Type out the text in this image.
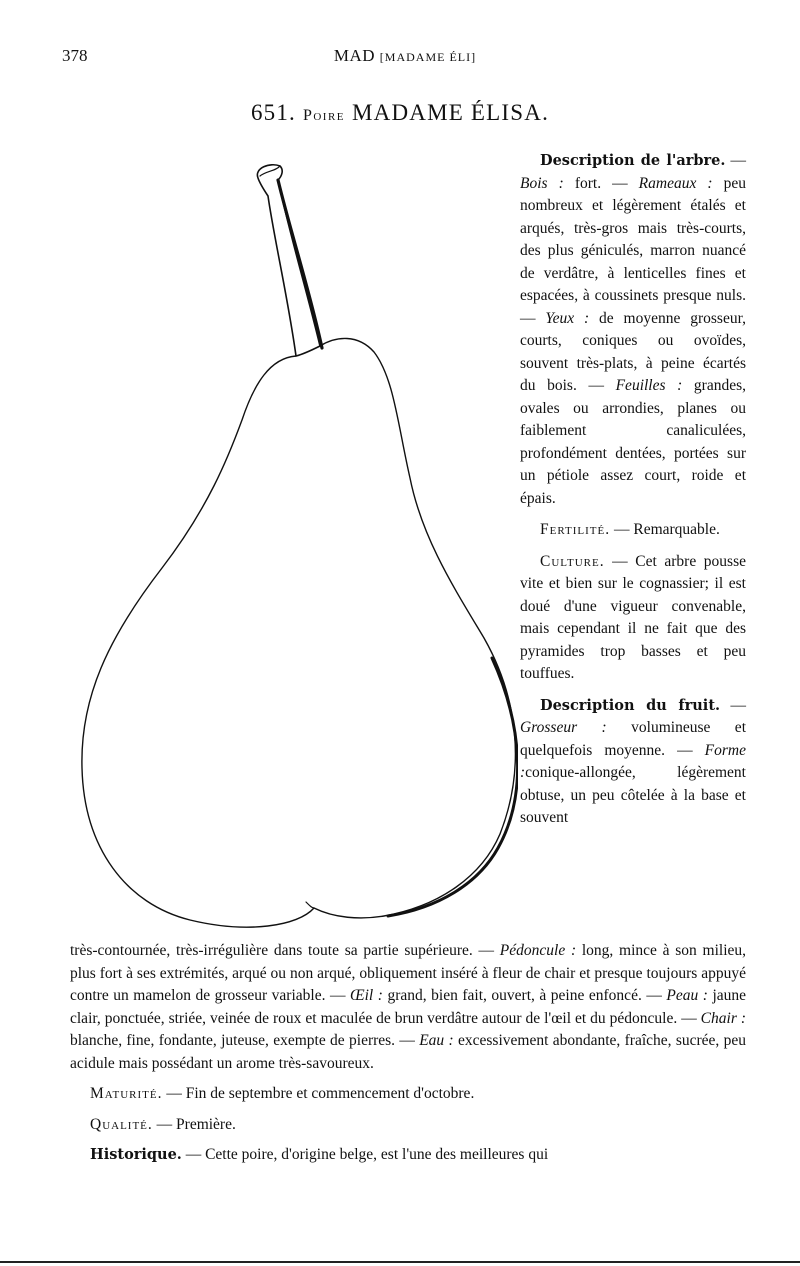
378	MAD [MADAME ÉLI]
651. Poire MADAME ÉLISA.

Description de l'arbre. — Bois : fort. — Rameaux : peu nombreux et légèrement étalés et arqués, très-gros mais très-courts, des plus géniculés, marron nuancé de verdâtre, à lenticelles fines et espacées, à coussinets presque nuls. — Yeux : de moyenne grosseur, courts, coniques ou ovoïdes, souvent très-plats, à peine écartés du bois. — Feuilles : grandes, ovales ou arrondies, planes ou faiblement canaliculées, profondément dentées, portées sur un pétiole assez court, roide et épais.

Fertilité. — Remarquable.

Culture. — Cet arbre pousse vite et bien sur le cognassier; il est doué d'une vigueur convenable, mais cependant il ne fait que des pyramides trop basses et peu touffues.

Description du fruit. — Grosseur : volumineuse et quelquefois moyenne. — Forme :conique-allongée, légèrement obtuse, un peu côtelée à la base et souvent

très-contournée, très-irrégulière dans toute sa partie supérieure. — Pédoncule : long, mince à son milieu, plus fort à ses extrémités, arqué ou non arqué, obliquement inséré à fleur de chair et presque toujours appuyé contre un mamelon de grosseur variable. — Œil : grand, bien fait, ouvert, à peine enfoncé. — Peau : jaune clair, ponctuée, striée, veinée de roux et maculée de brun verdâtre autour de l'œil et du pédoncule. — Chair : blanche, fine, fondante, juteuse, exempte de pierres. — Eau : excessivement abondante, fraîche, sucrée, peu acidule mais possédant un arome très-savoureux.

Maturité. — Fin de septembre et commencement d'octobre.

Qualité. — Première.

Historique. — Cette poire, d'origine belge, est l'une des meilleures qui
